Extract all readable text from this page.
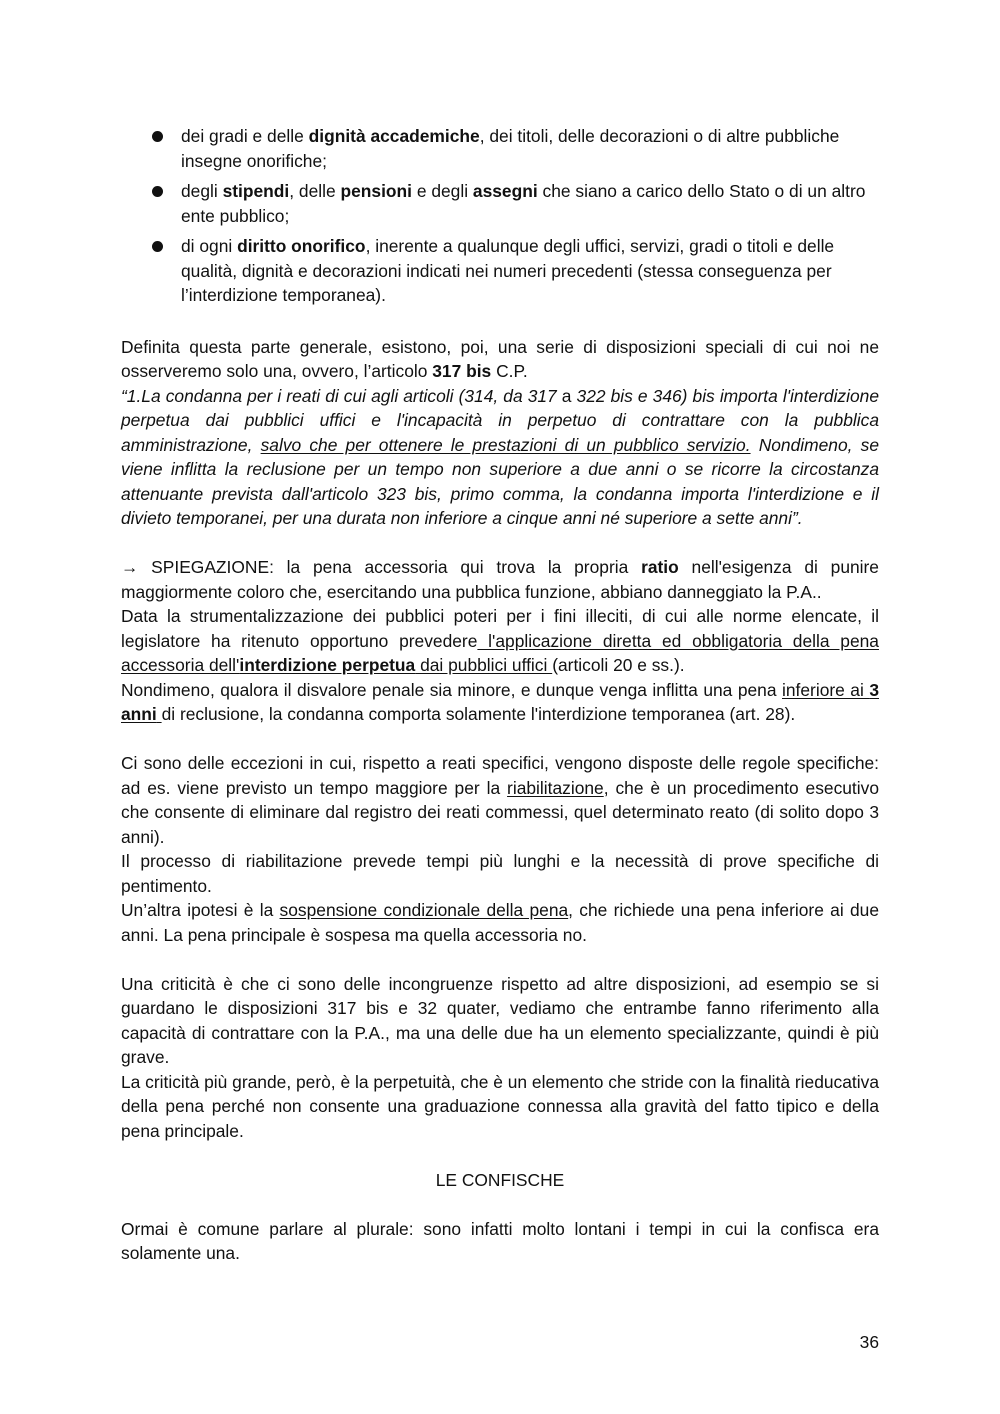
dei gradi e delle dignità accademiche, dei titoli, delle decorazioni o di altre pubbliche insegne onorifiche;
degli stipendi, delle pensioni e degli assegni che siano a carico dello Stato o di un altro ente pubblico;
di ogni diritto onorifico, inerente a qualunque degli uffici, servizi, gradi o titoli e delle qualità, dignità e decorazioni indicati nei numeri precedenti (stessa conseguenza per l’interdizione temporanea).

Definita questa parte generale, esistono, poi, una serie di disposizioni speciali di cui noi ne osserveremo solo una, ovvero, l’articolo 317 bis C.P.

“1.La condanna per i reati di cui agli articoli (314, da 317 a 322 bis e 346) bis importa l'interdizione perpetua dai pubblici uffici e l'incapacità in perpetuo di contrattare con la pubblica amministrazione, salvo che per ottenere le prestazioni di un pubblico servizio. Nondimeno, se viene inflitta la reclusione per un tempo non superiore a due anni o se ricorre la circostanza attenuante prevista dall'articolo 323 bis, primo comma, la condanna importa l'interdizione e il divieto temporanei, per una durata non inferiore a cinque anni né superiore a sette anni”.

→ SPIEGAZIONE: la pena accessoria qui trova la propria ratio nell'esigenza di punire maggiormente coloro che, esercitando una pubblica funzione, abbiano danneggiato la P.A..

Data la strumentalizzazione dei pubblici poteri per i fini illeciti, di cui alle norme elencate, il legislatore ha ritenuto opportuno prevedere l'applicazione diretta ed obbligatoria della pena accessoria dell'interdizione perpetua dai pubblici uffici (articoli 20 e ss.).

Nondimeno, qualora il disvalore penale sia minore, e dunque venga inflitta una pena inferiore ai 3 anni di reclusione, la condanna comporta solamente l'interdizione temporanea (art. 28).

Ci sono delle eccezioni in cui, rispetto a reati specifici, vengono disposte delle regole specifiche: ad es. viene previsto un tempo maggiore per la riabilitazione, che è un procedimento esecutivo che consente di eliminare dal registro dei reati commessi, quel determinato reato (di solito dopo 3 anni).

Il processo di riabilitazione prevede tempi più lunghi e la necessità di prove specifiche di pentimento.

Un’altra ipotesi è la sospensione condizionale della pena, che richiede una pena inferiore ai due anni. La pena principale è sospesa ma quella accessoria no.

Una criticità è che ci sono delle incongruenze rispetto ad altre disposizioni, ad esempio se si guardano le disposizioni 317 bis e 32 quater, vediamo che entrambe fanno riferimento alla capacità di contrattare con la P.A., ma una delle due ha un elemento specializzante, quindi è più grave.

La criticità più grande, però, è la perpetuità, che è un elemento che stride con la finalità rieducativa della pena perché non consente una graduazione connessa alla gravità del fatto tipico e della pena principale.

LE CONFISCHE

Ormai è comune parlare al plurale: sono infatti molto lontani i tempi in cui la confisca era solamente una.

36
